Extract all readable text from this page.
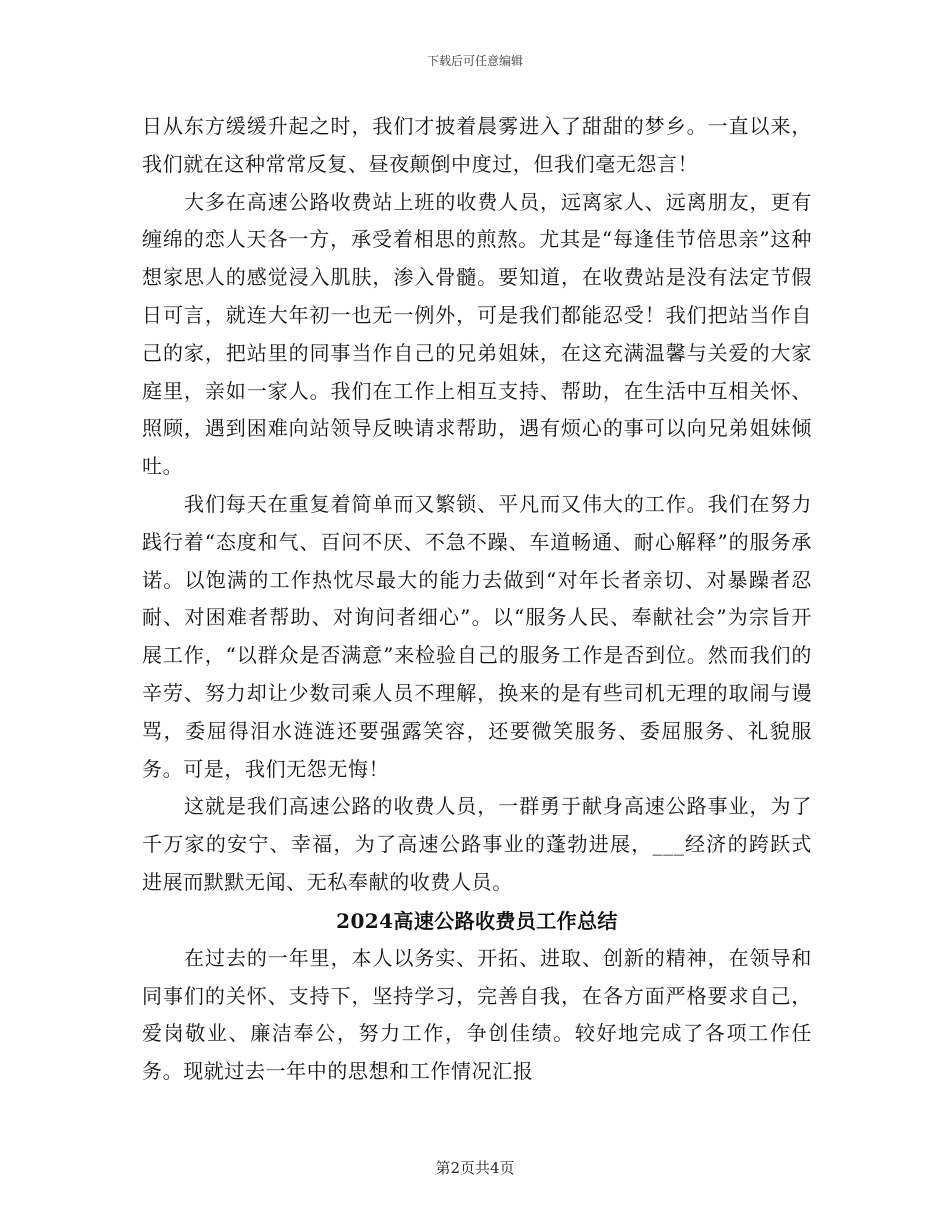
下载后可任意编辑

日从东方缓缓升起之时，我们才披着晨雾进入了甜甜的梦乡。一直以来，我们就在这种常常反复、昼夜颠倒中度过，但我们毫无怨言！

大多在高速公路收费站上班的收费人员，远离家人、远离朋友，更有缠绵的恋人天各一方，承受着相思的煎熬。尤其是“每逢佳节倍思亲”这种想家思人的感觉浸入肌肤，渗入骨髓。要知道，在收费站是没有法定节假日可言，就连大年初一也无一例外，可是我们都能忍受！我们把站当作自己的家，把站里的同事当作自己的兄弟姐妹，在这充满温馨与关爱的大家庭里，亲如一家人。我们在工作上相互支持、帮助，在生活中互相关怀、照顾，遇到困难向站领导反映请求帮助，遇有烦心的事可以向兄弟姐妹倾吐。

我们每天在重复着简单而又繁锁、平凡而又伟大的工作。我们在努力践行着“态度和气、百问不厌、不急不躁、车道畅通、耐心解释”的服务承诺。以饱满的工作热忱尽最大的能力去做到“对年长者亲切、对暴躁者忍耐、对困难者帮助、对询问者细心”。以“服务人民、奉献社会”为宗旨开展工作，“以群众是否满意”来检验自己的服务工作是否到位。然而我们的辛劳、努力却让少数司乘人员不理解，换来的是有些司机无理的取闹与谩骂，委屈得泪水涟涟还要强露笑容，还要微笑服务、委屈服务、礼貌服务。可是，我们无怨无悔！

这就是我们高速公路的收费人员，一群勇于献身高速公路事业，为了千万家的安宁、幸福，为了高速公路事业的蓬勃进展，___经济的跨跃式进展而默默无闻、无私奉献的收费人员。

2024高速公路收费员工作总结

在过去的一年里，本人以务实、开拓、进取、创新的精神，在领导和同事们的关怀、支持下，坚持学习，完善自我，在各方面严格要求自己，爱岗敬业、廉洁奉公，努力工作，争创佳绩。较好地完成了各项工作任务。现就过去一年中的思想和工作情况汇报

第2页共4页
